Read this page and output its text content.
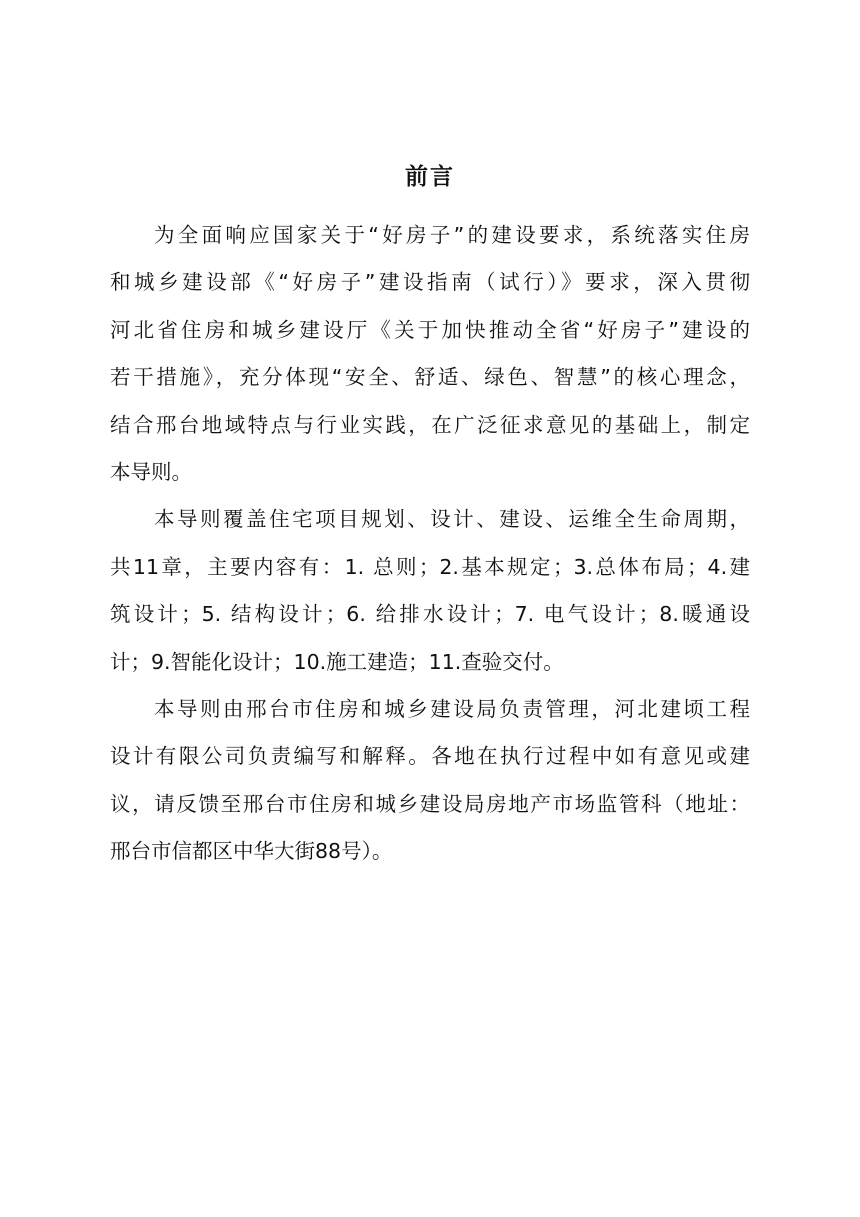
前言
为全面响应国家关于“好房子”的建设要求，系统落实住房
和城乡建设部《“好房子”建设指南（试行）》要求，深入贯彻
河北省住房和城乡建设厅《关于加快推动全省“好房子”建设的
若干措施》，充分体现“安全、舒适、绿色、智慧”的核心理念，
结合邢台地域特点与行业实践，在广泛征求意见的基础上，制定
本导则。
本导则覆盖住宅项目规划、设计、建设、运维全生命周期，
共11章，主要内容有：1. 总则；2.基本规定；3.总体布局；4.建
筑设计；5. 结构设计；6. 给排水设计；7. 电气设计；8.暖通设
计；9.智能化设计；10.施工建造；11.查验交付。
本导则由邢台市住房和城乡建设局负责管理，河北建顷工程
设计有限公司负责编写和解释。各地在执行过程中如有意见或建
议，请反馈至邢台市住房和城乡建设局房地产市场监管科（地址：
邢台市信都区中华大街88号）。
